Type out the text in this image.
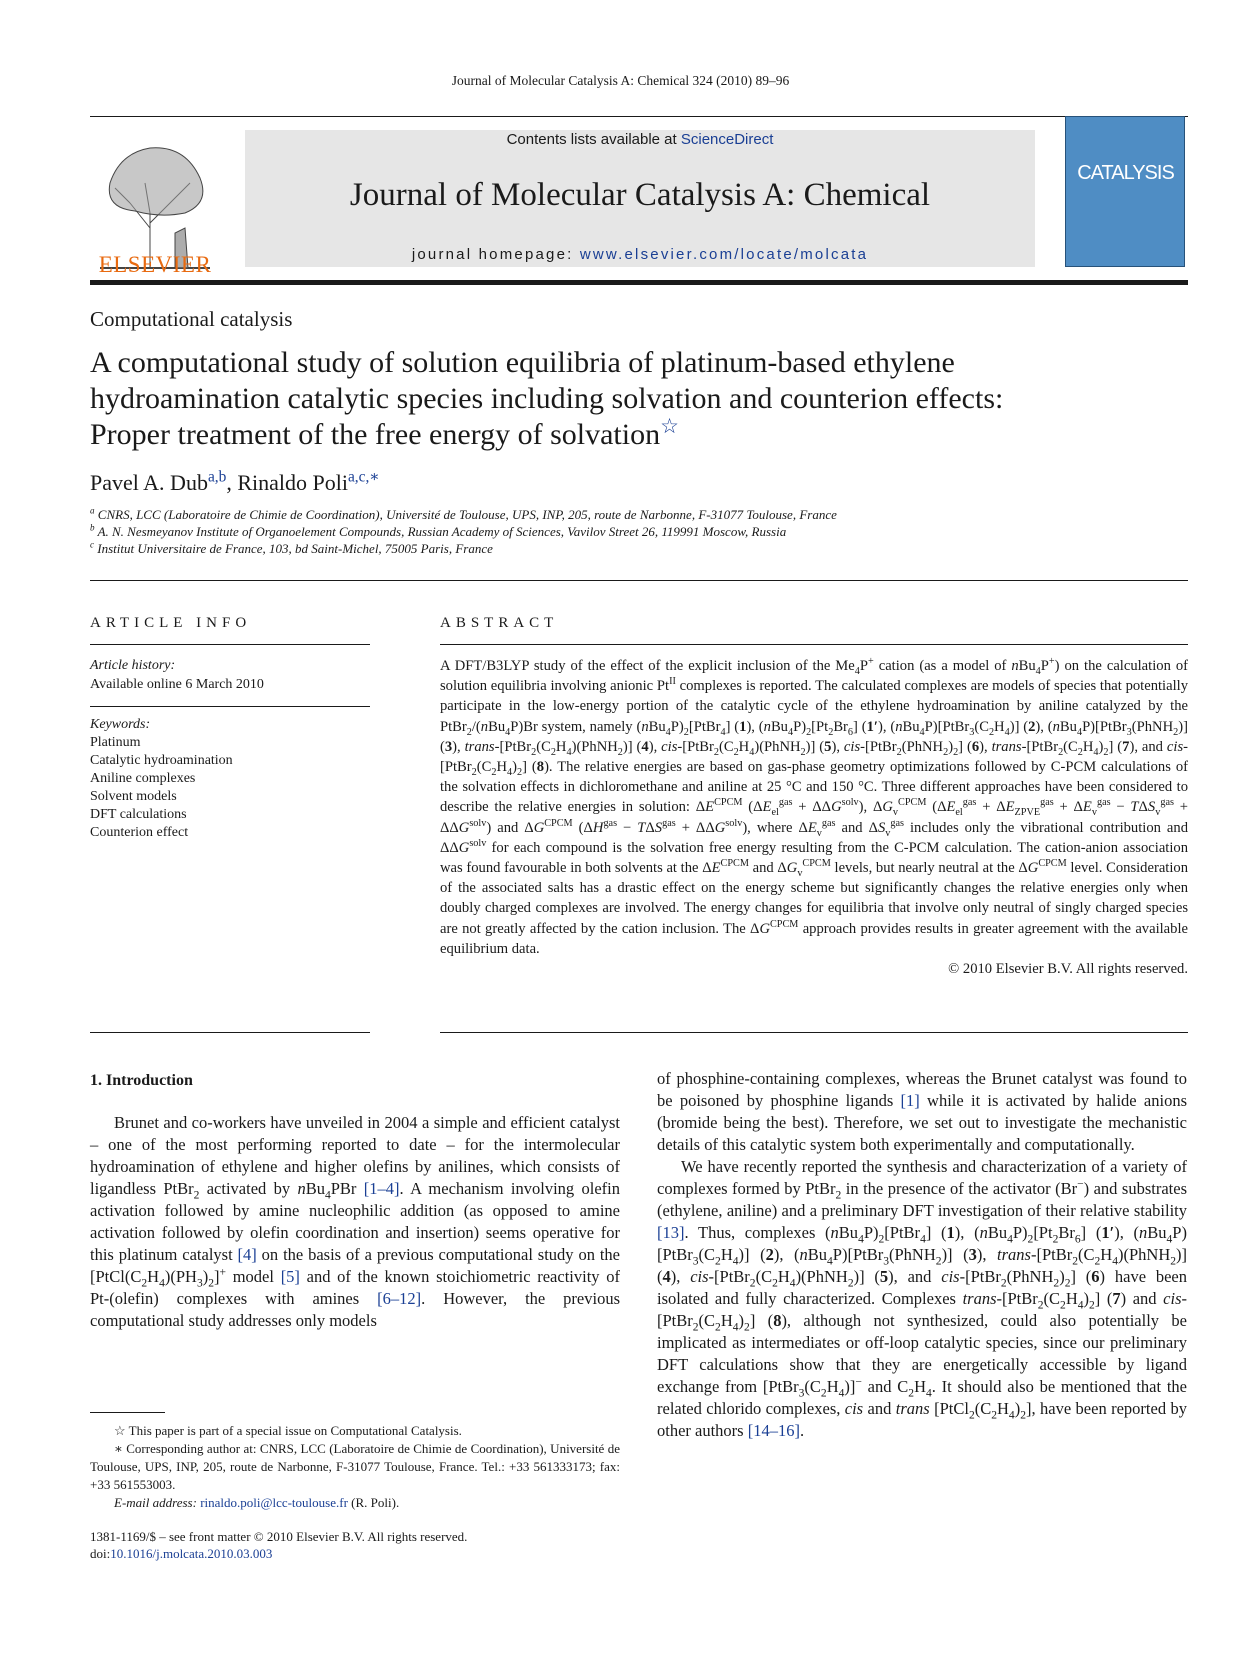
Journal of Molecular Catalysis A: Chemical 324 (2010) 89–96
ELSEVIER
Contents lists available at ScienceDirect
Journal of Molecular Catalysis A: Chemical
journal homepage: www.elsevier.com/locate/molcata
CATALYSIS
Computational catalysis
A computational study of solution equilibria of platinum-based ethylene
hydroamination catalytic species including solvation and counterion effects:
Proper treatment of the free energy of solvation☆
Pavel A. Dub$^{a,b}$, Rinaldo Poli$^{a,c,∗}$
$^a$ CNRS, LCC (Laboratoire de Chimie de Coordination), Université de Toulouse, UPS, INP, 205, route de Narbonne, F-31077 Toulouse, France
$^b$ A. N. Nesmeyanov Institute of Organoelement Compounds, Russian Academy of Sciences, Vavilov Street 26, 119991 Moscow, Russia
$^c$ Institut Universitaire de France, 103, bd Saint-Michel, 75005 Paris, France
ARTICLE INFO	ABSTRACT
Article history:
Available online 6 March 2010
Keywords:
Platinum
Catalytic hydroamination
Aniline complexes
Solvent models
DFT calculations
Counterion effect
A DFT/B3LYP study of the effect of the explicit inclusion of the $Me_4P^+$ cation (as a model of nBu$_4$P+) on the calculation of solution equilibria involving anionic $Pt^{II}$ complexes is reported. The calculated complexes are models of species that potentially participate in the low-energy portion of the catalytic cycle of the ethylene hydroamination by aniline catalyzed by the PtBr$_2$/(nBu$_4$P)Br system, namely $(nBu_4P)_2[PtBr_4]$ (1), $(nBu_4P)_2[Pt_2Br_6]$ (1′), $(nBu_4P)[PtBr_3(C_2H_4)]$ (2), (nBu$_4$P)[PtBr$_3$(PhNH$_2$)] (3), trans-$[PtBr_2(C_2H_4)(PhNH_2)]$ (4), cis-$[PtBr_2(C_2H_4)(PhNH_2)]$ (5), cis-$[PtBr_2(PhNH_2)_2]$ (6), trans-$[PtBr_2(C_2H_4)_2]$ (7), and cis-$[PtBr_2(C_2H_4)_2]$ (8). The relative energies are based on gas-phase geometry optimizations followed by C-PCM calculations of the solvation effects in dichloromethane and aniline at 25 °C and 150 °C. Three different approaches have been considered to describe the relative energies in solution: $\Delta E^{CPCM}$ $(\Delta E_{el}^{gas} + \Delta\Delta G^{solv})$, $\Delta G_v^{CPCM}$ $(\Delta E_{el}^{gas} + \Delta E_{ZPVE}^{gas} + \Delta E_v^{gas} - T\Delta S_v^{gas} + \Delta\Delta G^{solv})$ and $\Delta G^{CPCM}$ $(\Delta H^{gas} - T\Delta S^{gas} + \Delta\Delta G^{solv})$, where $\Delta E_v^{gas}$ and $\Delta S_v^{gas}$ includes only the vibrational contribution and $\Delta\Delta G^{solv}$ for each compound is the solvation free energy resulting from the C-PCM calculation. The cation-anion association was found favourable in both solvents at the $\Delta E^{CPCM}$ and $\Delta G_v^{CPCM}$ levels, but nearly neutral at the $\Delta G^{CPCM}$ level. Consideration of the associated salts has a drastic effect on the energy scheme but significantly changes the relative energies only when doubly charged complexes are involved. The energy changes for equilibria that involve only neutral of singly charged species are not greatly affected by the cation inclusion. The $\Delta G^{CPCM}$ approach provides results in greater agreement with the available equilibrium data.
© 2010 Elsevier B.V. All rights reserved.
1. Introduction

Brunet and co-workers have unveiled in 2004 a simple and efficient catalyst – one of the most performing reported to date – for the intermolecular hydroamination of ethylene and higher olefins by anilines, which consists of ligandless PtBr$_2$ activated by nBu$_4$PBr [1–4]. A mechanism involving olefin activation followed by amine nucleophilic addition (as opposed to amine activation followed by olefin coordination and insertion) seems operative for this platinum catalyst [4] on the basis of a previous computational study on the $[PtCl(C_2H_4)(PH_3)_2]^+$ model [5] and of the known stoichiometric reactivity of Pt-(olefin) complexes with amines [6–12]. However, the previous computational study addresses only models

of phosphine-containing complexes, whereas the Brunet catalyst was found to be poisoned by phosphine ligands [1] while it is activated by halide anions (bromide being the best). Therefore, we set out to investigate the mechanistic details of this catalytic system both experimentally and computationally.

We have recently reported the synthesis and characterization of a variety of complexes formed by PtBr$_2$ in the presence of the activator (Br−) and substrates (ethylene, aniline) and a preliminary DFT investigation of their relative stability [13]. Thus, complexes $(nBu_4P)_2[PtBr_4]$ (1), $(nBu_4P)_2[Pt_2Br_6]$ (1′), $(nBu_4P)[PtBr_3(C_2H_4)]$ (2), (nBu$_4$P)[PtBr$_3$(PhNH$_2$)] (3), trans-$[PtBr_2(C_2H_4)(PhNH_2)]$ (4), cis-$[PtBr_2(C_2H_4)(PhNH_2)]$ (5), and cis-$[PtBr_2(PhNH_2)_2]$ (6) have been isolated and fully characterized. Complexes trans-$[PtBr_2(C_2H_4)_2]$ (7) and cis-$[PtBr_2(C_2H_4)_2]$ (8), although not synthesized, could also potentially be implicated as intermediates or off-loop catalytic species, since our preliminary DFT calculations show that they are energetically accessible by ligand exchange from $[PtBr_3(C_2H_4)]^-$ and $C_2H_4$. It should also be mentioned that the related chlorido complexes, cis and trans $[PtCl_2(C_2H_4)_2]$, have been reported by other authors [14–16].

☆ This paper is part of a special issue on Computational Catalysis.
∗ Corresponding author at: CNRS, LCC (Laboratoire de Chimie de Coordination), Université de Toulouse, UPS, INP, 205, route de Narbonne, F-31077 Toulouse, France. Tel.: +33 561333173; fax: +33 561553003.
E-mail address: rinaldo.poli@lcc-toulouse.fr (R. Poli).
1381-1169/$ – see front matter © 2010 Elsevier B.V. All rights reserved.
doi:10.1016/j.molcata.2010.03.003
